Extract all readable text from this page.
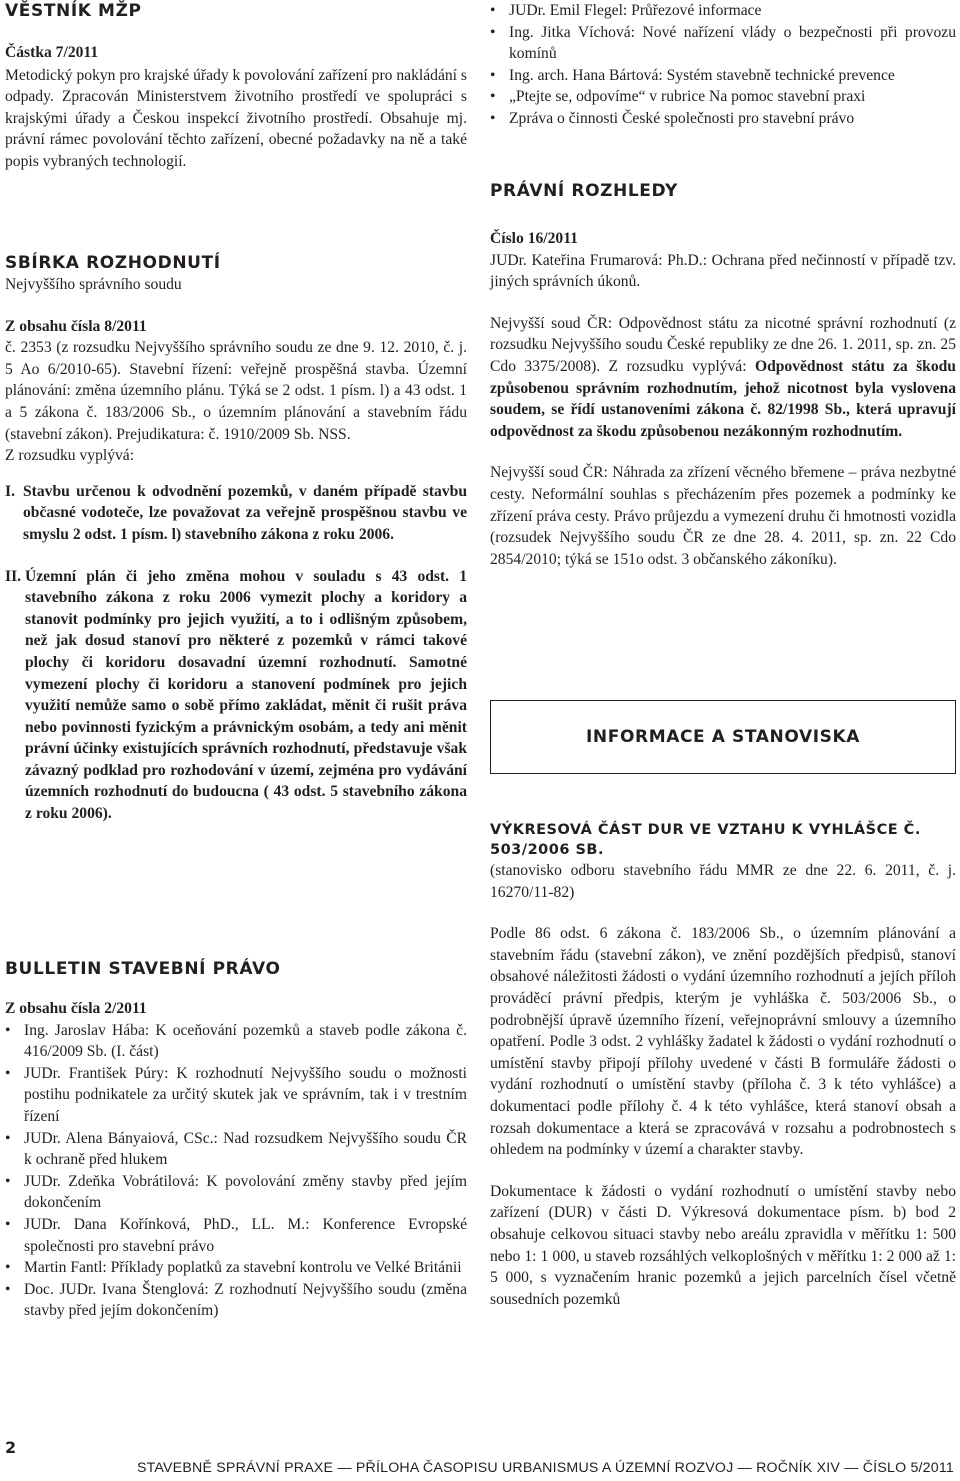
VĚSTNÍK MŽP

Částka 7/2011

Metodický pokyn pro krajské úřady k povolování zařízení pro nakládání s odpady. Zpracován Ministerstvem životního prostředí ve spolupráci s krajskými úřady a Českou inspekcí životního prostředí. Obsahuje mj. právní rámec povolování těchto zařízení, obecné požadavky na ně a také popis vybraných technologií.

SBÍRKA ROZHODNUTÍ

Nejvyššího správního soudu

Z obsahu čísla 8/2011

č. 2353 (z rozsudku Nejvyššího správního soudu ze dne 9. 12. 2010, č. j. 5 Ao 6/2010-65). Stavební řízení: veřejně prospěšná stavba. Územní plánování: změna územního plánu. Týká se 2 odst. 1 písm. l) a 43 odst. 1 a 5 zákona č. 183/2006 Sb., o územním plánování a stavebním řádu (stavební zákon). Prejudikatura: č. 1910/2009 Sb. NSS.

Z rozsudku vyplývá:

I. Stavbu určenou k odvodnění pozemků, v daném případě stavbu občasné vodoteče, lze považovat za veřejně prospěšnou stavbu ve smyslu 2 odst. 1 písm. l) stavebního zákona z roku 2006.
II. Územní plán či jeho změna mohou v souladu s 43 odst. 1 stavebního zákona z roku 2006 vymezit plochy a koridory a stanovit podmínky pro jejich využití, a to i odlišným způsobem, než jak dosud stanoví pro některé z pozemků v rámci takové plochy či koridoru dosavadní územní rozhodnutí. Samotné vymezení plochy či koridoru a stanovení podmínek pro jejich využití nemůže samo o sobě přímo zakládat, měnit či rušit práva nebo povinnosti fyzickým a právnickým osobám, a tedy ani měnit právní účinky existujících správních rozhodnutí, představuje však závazný podklad pro rozhodování v území, zejména pro vydávání územních rozhodnutí do budoucna ( 43 odst. 5 stavebního zákona z roku 2006).
BULLETIN STAVEBNÍ PRÁVO

Z obsahu čísla 2/2011

• Ing. Jaroslav Hába: K oceňování pozemků a staveb podle zákona č. 416/2009 Sb. (I. část)
• JUDr. František Púry: K rozhodnutí Nejvyššího soudu o možnosti postihu podnikatele za určitý skutek jak ve správním, tak i v trestním řízení
• JUDr. Alena Bányaiová, CSc.: Nad rozsudkem Nejvyššího soudu ČR k ochraně před hlukem
• JUDr. Zdeňka Vobrátilová: K povolování změny stavby před jejím dokončením
• JUDr. Dana Kořínková, PhD., LL. M.: Konference Evropské společnosti pro stavební právo
• Martin Fantl: Příklady poplatků za stavební kontrolu ve Velké Británii
• Doc. JUDr. Ivana Štenglová: Z rozhodnutí Nejvyššího soudu (změna stavby před jejím dokončením)
• JUDr. Emil Flegel: Průřezové informace
• Ing. Jitka Víchová: Nové nařízení vlády o bezpečnosti při provozu komínů
• Ing. arch. Hana Bártová: Systém stavebně technické prevence
• „Ptejte se, odpovíme“ v rubrice Na pomoc stavební praxi
• Zpráva o činnosti České společnosti pro stavební právo
PRÁVNÍ ROZHLEDY

Číslo 16/2011

JUDr. Kateřina Frumarová: Ph.D.: Ochrana před nečinností v případě tzv. jiných správních úkonů.

Nejvyšší soud ČR: Odpovědnost státu za nicotné správní rozhodnutí (z rozsudku Nejvyššího soudu České republiky ze dne 26. 1. 2011, sp. zn. 25 Cdo 3375/2008). Z rozsudku vyplývá: Odpovědnost státu za škodu způsobenou správním rozhodnutím, jehož nicotnost byla vyslovena soudem, se řídí ustanoveními zákona č. 82/1998 Sb., která upravují odpovědnost za škodu způsobenou nezákonným rozhodnutím.

Nejvyšší soud ČR: Náhrada za zřízení věcného břemene – práva nezbytné cesty. Neformální souhlas s přecházením přes pozemek a podmínky ke zřízení práva cesty. Právo průjezdu a vymezení druhu či hmotnosti vozidla (rozsudek Nejvyššího soudu ČR ze dne 28. 4. 2011, sp. zn. 22 Cdo 2854/2010; týká se 151o odst. 3 občanského zákoníku).

INFORMACE A STANOVISKA
VÝKRESOVÁ ČÁST DUR VE VZTAHU K VYHLÁŠCE Č. 503/2006 SB.

(stanovisko odboru stavebního řádu MMR ze dne 22. 6. 2011, č. j. 16270/11-82)

Podle 86 odst. 6 zákona č. 183/2006 Sb., o územním plánování a stavebním řádu (stavební zákon), ve znění pozdějších předpisů, stanoví obsahové náležitosti žádosti o vydání územního rozhodnutí a jejích příloh prováděcí právní předpis, kterým je vyhláška č. 503/2006 Sb., o podrobnější úpravě územního řízení, veřejnoprávní smlouvy a územního opatření. Podle 3 odst. 2 vyhlášky žadatel k žádosti o vydání rozhodnutí o umístění stavby připojí přílohy uvedené v části B formuláře žádosti o vydání rozhodnutí o umístění stavby (příloha č. 3 k této vyhlášce) a dokumentaci podle přílohy č. 4 k této vyhlášce, která stanoví obsah a rozsah dokumentace a která se zpracovává v rozsahu a podrobnostech s ohledem na podmínky v území a charakter stavby.

Dokumentace k žádosti o vydání rozhodnutí o umístění stavby nebo zařízení (DUR) v části D. Výkresová dokumentace písm. b) bod 2 obsahuje celkovou situaci stavby nebo areálu zpravidla v měřítku 1: 500 nebo 1: 1 000, u staveb rozsáhlých velkoplošných v měřítku 1: 2 000 až 1: 5 000, s vyznačením hranic pozemků a jejich parcelních čísel včetně sousedních pozemků

2
STAVEBNĚ SPRÁVNÍ PRAXE — PŘÍLOHA ČASOPISU URBANISMUS A ÚZEMNÍ ROZVOJ — ROČNÍK XIV — ČÍSLO 5/2011
